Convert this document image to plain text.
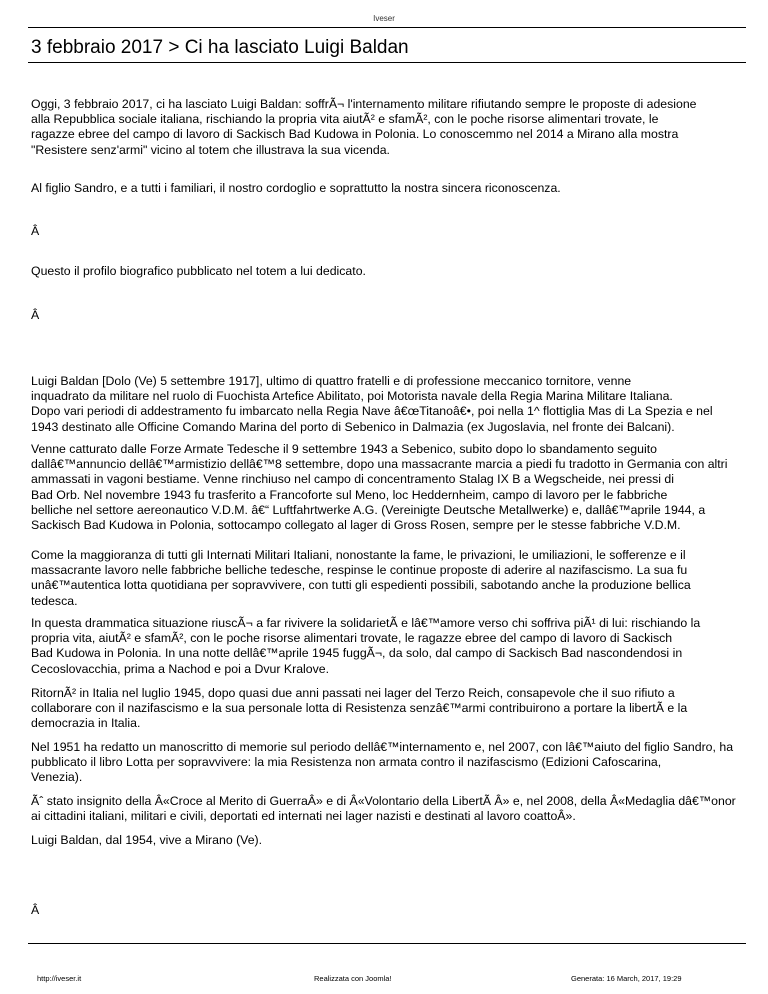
Iveser
3 febbraio 2017 > Ci ha lasciato Luigi Baldan

Oggi, 3 febbraio 2017, ci ha lasciato Luigi Baldan: soffrÃ¬ l'internamento militare rifiutando sempre le proposte di adesione

alla Repubblica sociale italiana, rischiando la propria vita aiutÃ² e sfamÃ², con le poche risorse alimentari trovate, le

ragazze ebree del campo di lavoro di Sackisch Bad Kudowa in Polonia. Lo conoscemmo nel 2014 a Mirano alla mostra

"Resistere senz'armi" vicino al totem che illustrava la sua vicenda.

Al figlio Sandro, e a tutti i familiari, il nostro cordoglio e soprattutto la nostra sincera riconoscenza.

Â

Questo il profilo biografico pubblicato nel totem a lui dedicato.

Â

Luigi Baldan [Dolo (Ve) 5 settembre 1917], ultimo di quattro fratelli e di professione meccanico tornitore, venne

inquadrato da militare nel ruolo di Fuochista Artefice Abilitato, poi Motorista navale della Regia Marina Militare Italiana.

Dopo vari periodi di addestramento fu imbarcato nella Regia Nave â€œTitanoâ€•, poi nella 1^ flottiglia Mas di La Spezia e nel

1943 destinato alle Officine Comando Marina del porto di Sebenico in Dalmazia (ex Jugoslavia, nel fronte dei Balcani).

Venne catturato dalle Forze Armate Tedesche il 9 settembre 1943 a Sebenico, subito dopo lo sbandamento seguito

dallâ€™annuncio dellâ€™armistizio dellâ€™8 settembre, dopo una massacrante marcia a piedi fu tradotto in Germania con altri

ammassati in vagoni bestiame. Venne rinchiuso nel campo di concentramento Stalag IX B a Wegscheide, nei pressi di

Bad Orb. Nel novembre 1943 fu trasferito a Francoforte sul Meno, loc Heddernheim, campo di lavoro per le fabbriche

belliche nel settore aereonautico V.D.M. â€“ Luftfahrtwerke A.G. (Vereinigte Deutsche Metallwerke) e, dallâ€™aprile 1944, a

Sackisch Bad Kudowa in Polonia, sottocampo collegato al lager di Gross Rosen, sempre per le stesse fabbriche V.D.M.

Come la maggioranza di tutti gli Internati Militari Italiani, nonostante la fame, le privazioni, le umiliazioni, le sofferenze e il

massacrante lavoro nelle fabbriche belliche tedesche, respinse le continue proposte di aderire al nazifascismo. La sua fu

unâ€™autentica lotta quotidiana per sopravvivere, con tutti gli espedienti possibili, sabotando anche la produzione bellica

tedesca.

In questa drammatica situazione riuscÃ¬ a far rivivere la solidarietÃ e lâ€™amore verso chi soffriva piÃ¹ di lui: rischiando la

propria vita, aiutÃ² e sfamÃ², con le poche risorse alimentari trovate, le ragazze ebree del campo di lavoro di Sackisch

Bad Kudowa in Polonia. In una notte dellâ€™aprile 1945 fuggÃ¬, da solo, dal campo di Sackisch Bad nascondendosi in

Cecoslovacchia, prima a Nachod e poi a Dvur Kralove.

RitornÃ² in Italia nel luglio 1945, dopo quasi due anni passati nei lager del Terzo Reich, consapevole che il suo rifiuto a

collaborare con il nazifascismo e la sua personale lotta di Resistenza senzâ€™armi contribuirono a portare la libertÃ e la

democrazia in Italia.

Nel 1951 ha redatto un manoscritto di memorie sul periodo dellâ€™internamento e, nel 2007, con lâ€™aiuto del figlio Sandro, ha

pubblicato il libro Lotta per sopravvivere: la mia Resistenza non armata contro il nazifascismo (Edizioni Cafoscarina,

Venezia).

Ãˆ stato insignito della Â«Croce al Merito di GuerraÂ» e di Â«Volontario della LibertÃ Â» e, nel 2008, della Â«Medaglia dâ€™onor

ai cittadini italiani, militari e civili, deportati ed internati nei lager nazisti e destinati al lavoro coattoÂ».

Luigi Baldan, dal 1954, vive a Mirano (Ve).

Â

http://iveser.it	Realizzata con Joomla!	Generata: 16 March, 2017, 19:29
